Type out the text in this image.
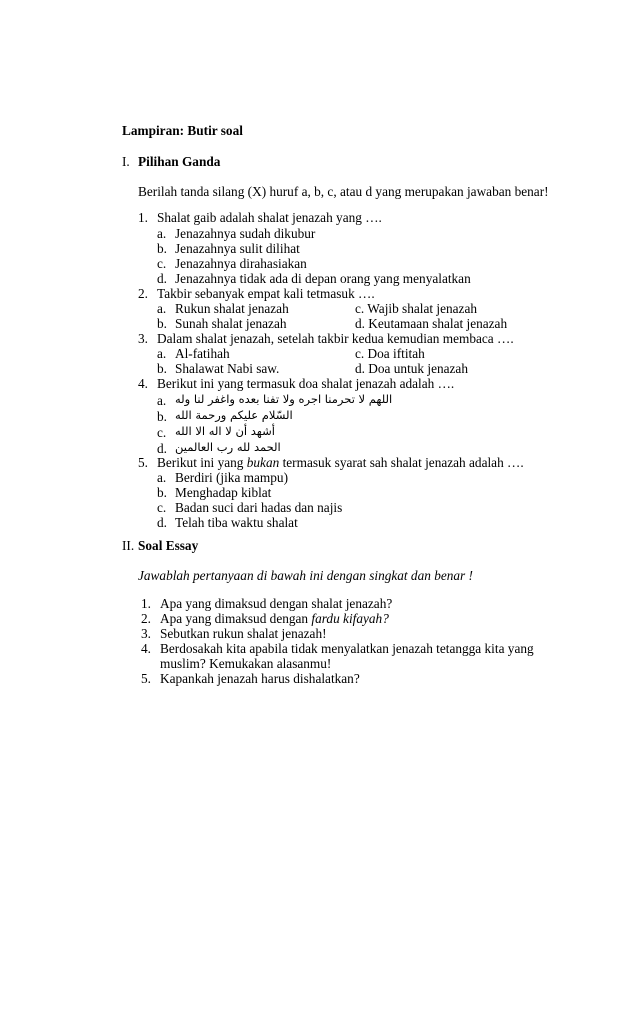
Lampiran: Butir soal
I. Pilihan Ganda
Berilah tanda silang (X) huruf a, b, c, atau d yang merupakan jawaban benar!
1. Shalat gaib adalah shalat jenazah yang ….
a. Jenazahnya sudah dikubur
b. Jenazahnya sulit dilihat
c. Jenazahnya dirahasiakan
d. Jenazahnya tidak ada di depan orang yang menyalatkan
2. Takbir sebanyak empat kali tetmasuk ….
a. Rukun shalat jenazah	c. Wajib shalat jenazah
b. Sunah shalat jenazah	d. Keutamaan shalat jenazah
3. Dalam shalat jenazah, setelah takbir kedua kemudian membaca ….
a. Al-fatihah	c. Doa iftitah
b. Shalawat Nabi saw.	d. Doa untuk jenazah
4. Berikut ini yang termasuk doa shalat jenazah adalah ….
a. اللهم لا تحرمنا اجره ولا تفنا بعده واغفر لنا وله
b. السّلام عليكم ورحمة الله
c. أشهد أن لا اله الا الله
d. الحمد لله رب العالمين
5. Berikut ini yang bukan termasuk syarat sah shalat jenazah adalah ….
a. Berdiri (jika mampu)
b. Menghadap kiblat
c. Badan suci dari hadas dan najis
d. Telah tiba waktu shalat
II. Soal Essay
Jawablah pertanyaan di bawah ini dengan singkat dan benar !
1. Apa yang dimaksud dengan shalat jenazah?
2. Apa yang dimaksud dengan fardu kifayah?
3. Sebutkan rukun shalat jenazah!
4. Berdosakah kita apabila tidak menyalatkan jenazah tetangga kita yang
muslim? Kemukakan alasanmu!
5. Kapankah jenazah harus dishalatkan?
